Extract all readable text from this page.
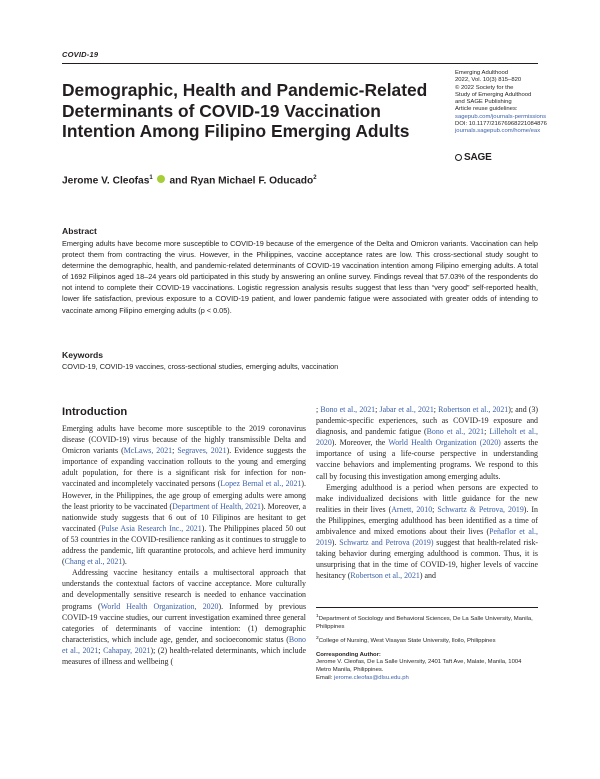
COVID-19
Demographic, Health and Pandemic-Related Determinants of COVID-19 Vaccination Intention Among Filipino Emerging Adults
Emerging Adulthood
2022, Vol. 10(3) 815–820
© 2022 Society for the
Study of Emerging Adulthood
and SAGE Publishing
Article reuse guidelines:
sagepub.com/journals-permissions
DOI: 10.1177/21676968221084876
journals.sagepub.com/home/eax
SAGE
Jerome V. Cleofas$^1$ and Ryan Michael F. Oducado$^2$
Abstract
Emerging adults have become more susceptible to COVID-19 because of the emergence of the Delta and Omicron variants. Vaccination can help protect them from contracting the virus. However, in the Philippines, vaccine acceptance rates are low. This cross-sectional study sought to determine the demographic, health, and pandemic-related determinants of COVID-19 vaccination intention among Filipino emerging adults. A total of 1692 Filipinos aged 18–24 years old participated in this study by answering an online survey. Findings reveal that 57.03% of the respondents do not intend to complete their COVID-19 vaccinations. Logistic regression analysis results suggest that less than “very good” self-reported health, lower life satisfaction, previous exposure to a COVID-19 patient, and lower pandemic fatigue were associated with greater odds of intending to vaccinate among Filipino emerging adults (p < 0.05).
Keywords
COVID-19, COVID-19 vaccines, cross-sectional studies, emerging adults, vaccination
Introduction

Emerging adults have become more susceptible to the 2019 coronavirus disease (COVID-19) virus because of the highly transmissible Delta and Omicron variants (McLaws, 2021; Segraves, 2021). Evidence suggests the importance of expanding vaccination rollouts to the young and emerging adult population, for there is a significant risk for infection for non-vaccinated and incompletely vaccinated persons (Lopez Bernal et al., 2021). However, in the Philippines, the age group of emerging adults were among the least priority to be vaccinated (Department of Health, 2021). Moreover, a nationwide study suggests that 6 out of 10 Filipinos are hesitant to get vaccinated (Pulse Asia Research Inc., 2021). The Philippines placed 50 out of 53 countries in the COVID-resilience ranking as it continues to struggle to address the pandemic, lift quarantine protocols, and achieve herd immunity (Chang et al., 2021).

Addressing vaccine hesitancy entails a multisectoral approach that understands the contextual factors of vaccine acceptance. More culturally and developmentally sensitive research is needed to enhance vaccination programs (World Health Organization, 2020). Informed by previous COVID-19 vaccine studies, our current investigation examined three general categories of determinants of vaccine intention: (1) demographic characteristics, which include age, gender, and socioeconomic status (Bono et al., 2021; Cahapay, 2021); (2) health-related determinants, which include measures of illness and wellbeing (

; Bono et al., 2021; Jabar et al., 2021; Robertson et al., 2021); and (3) pandemic-specific experiences, such as COVID-19 exposure and diagnosis, and pandemic fatigue (Bono et al., 2021; Lilleholt et al., 2020). Moreover, the World Health Organization (2020) asserts the importance of using a life-course perspective in understanding vaccine behaviors and implementing programs. We respond to this call by focusing this investigation among emerging adults.

Emerging adulthood is a period when persons are expected to make individualized decisions with little guidance for the new realities in their lives (Arnett, 2010; Schwartz & Petrova, 2019). In the Philippines, emerging adulthood has been identified as a time of ambivalence and mixed emotions about their lives (Peñaflor et al., 2019). Schwartz and Petrova (2019) suggest that health-related risk-taking behavior during emerging adulthood is common. Thus, it is unsurprising that in the time of COVID-19, higher levels of vaccine hesitancy (Robertson et al., 2021) and

$^1$Department of Sociology and Behavioral Sciences, De La Salle University, Manila, Philippines
$^2$College of Nursing, West Visayas State University, Iloilo, Philippines
Corresponding Author:
Jerome V. Cleofas, De La Salle University, 2401 Taft Ave, Malate, Manila, 1004 Metro Manila, Philippines.
Email: jerome.cleofas@dlsu.edu.ph
